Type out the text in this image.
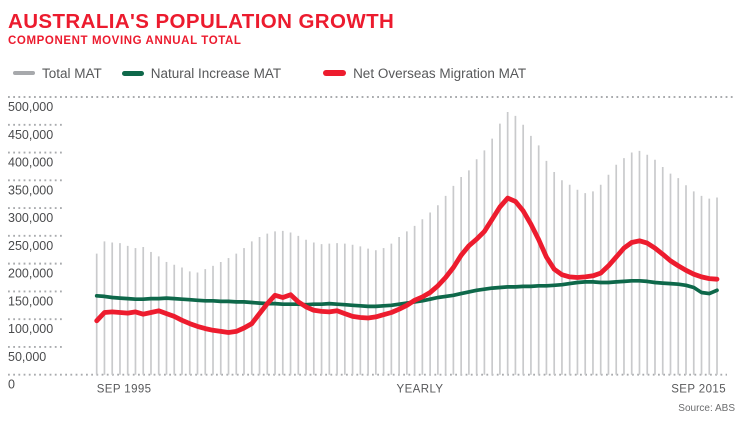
500,000
450,000
400,000
350,000
300,000
250,000
200,000
150,000
100,000
50,000
0	SEP 1995	YEARLY	SEP 2015
AUSTRALIA'S POPULATION GROWTH
COMPONENT MOVING ANNUAL TOTAL
Total MAT	Natural Increase MAT	Net Overseas Migration MAT
Source: ABS
